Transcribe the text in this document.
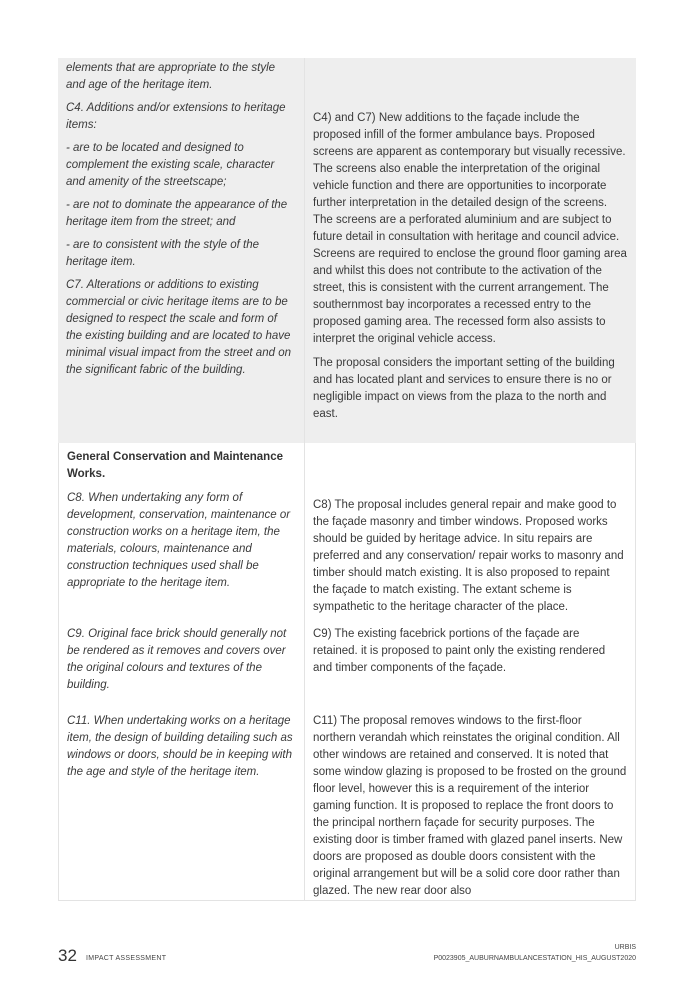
elements that are appropriate to the style and age of the heritage item.

C4. Additions and/or extensions to heritage items:

- are to be located and designed to complement the existing scale, character and amenity of the streetscape;

- are not to dominate the appearance of the heritage item from the street; and

- are to consistent with the style of the heritage item.

C7. Alterations or additions to existing commercial or civic heritage items are to be designed to respect the scale and form of the existing building and are located to have minimal visual impact from the street and on the significant fabric of the building.

C4) and C7) New additions to the façade include the proposed infill of the former ambulance bays. Proposed screens are apparent as contemporary but visually recessive. The screens also enable the interpretation of the original vehicle function and there are opportunities to incorporate further interpretation in the detailed design of the screens. The screens are a perforated aluminium and are subject to future detail in consultation with heritage and council advice. Screens are required to enclose the ground floor gaming area and whilst this does not contribute to the activation of the street, this is consistent with the current arrangement. The southernmost bay incorporates a recessed entry to the proposed gaming area. The recessed form also assists to interpret the original vehicle access.

The proposal considers the important setting of the building and has located plant and services to ensure there is no or negligible impact on views from the plaza to the north and east.

General Conservation and Maintenance Works.

C8. When undertaking any form of development, conservation, maintenance or construction works on a heritage item, the materials, colours, maintenance and construction techniques used shall be appropriate to the heritage item.

C8) The proposal includes general repair and make good to the façade masonry and timber windows. Proposed works should be guided by heritage advice. In situ repairs are preferred and any conservation/ repair works to masonry and timber should match existing. It is also proposed to repaint the façade to match existing. The extant scheme is sympathetic to the heritage character of the place.

C9. Original face brick should generally not be rendered as it removes and covers over the original colours and textures of the building.

C9) The existing facebrick portions of the façade are retained. it is proposed to paint only the existing rendered and timber components of the façade.

C11. When undertaking works on a heritage item, the design of building detailing such as windows or doors, should be in keeping with the age and style of the heritage item.

C11) The proposal removes windows to the first-floor northern verandah which reinstates the original condition. All other windows are retained and conserved. It is noted that some window glazing is proposed to be frosted on the ground floor level, however this is a requirement of the interior gaming function. It is proposed to replace the front doors to the principal northern façade for security purposes. The existing door is timber framed with glazed panel inserts. New doors are proposed as double doors consistent with the original arrangement but will be a solid core door rather than glazed. The new rear door also

32 IMPACT ASSESSMENT
URBIS
P0023905_AUBURNAMBULANCESTATION_HIS_AUGUST2020
